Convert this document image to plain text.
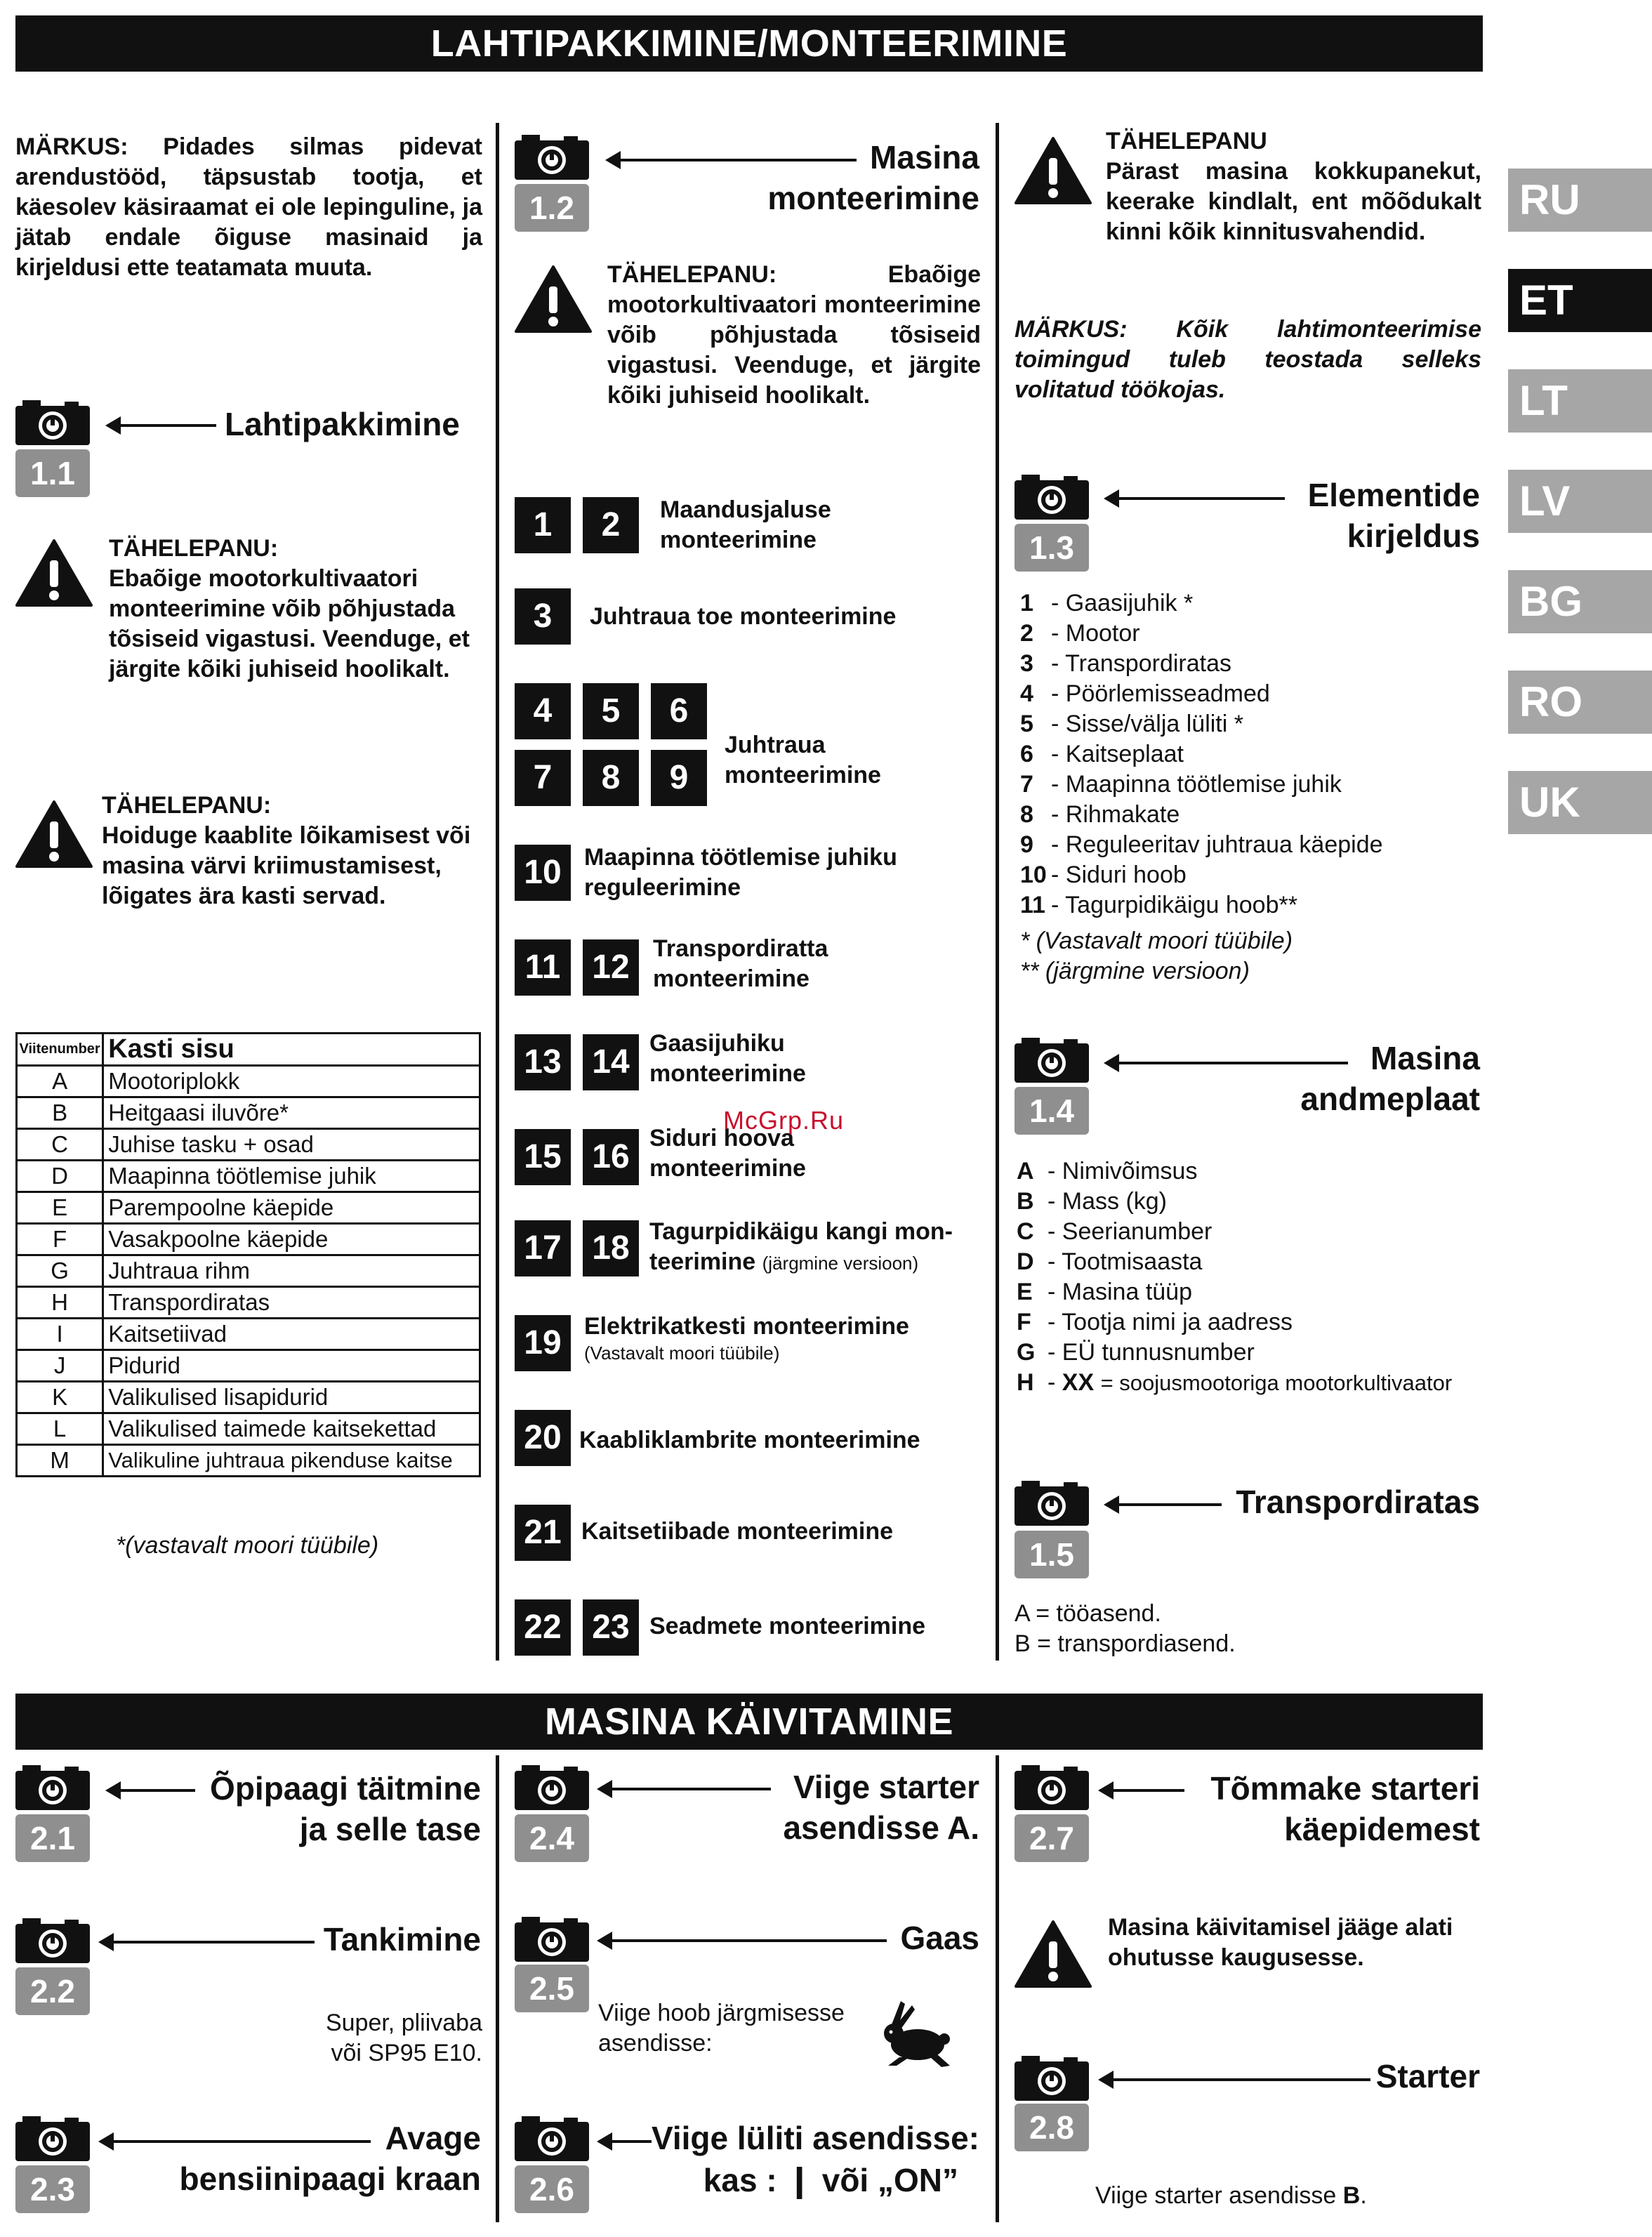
LAHTIPAKKIMINE/MONTEERIMINE
RU
ET
LT
LV
BG
RO
UK
MÄRKUS: Pidades silmas pidevat arendustööd, täpsustab tootja, et käesolev käsiraamat ei ole lepinguline, ja jätab endale õiguse masinaid ja kirjeldusi ette teatamata muuta.
Lahtipakkimine
1.1
TÄHELEPANU:
Ebaõige mootorkultivaatori monteerimine võib põhjustada tõsiseid vigastusi. Veenduge, et järgite kõiki juhiseid hoolikalt.
TÄHELEPANU:
Hoiduge kaablite lõikamisest või masina värvi kriimustamisest, lõigates ära kasti servad.
Viitenumber	Kasti sisu
A	Mootoriplokk
B	Heitgaasi iluvõre*
C	Juhise tasku + osad
D	Maapinna töötlemise juhik
E	Parempoolne käepide
F	Vasakpoolne käepide
G	Juhtraua rihm
H	Transpordiratas
I	Kaitsetiivad
J	Pidurid
K	Valikulised lisapidurid
L	Valikulised taimede kaitsekettad
M	Valikuline juhtraua pikenduse kaitse
*(vastavalt moori tüübile)
Masina
monteerimine
1.2
TÄHELEPANU:	Ebaõige mootorkultivaatori monteerimine võib põhjustada tõsiseid vigastusi. Veenduge, et järgite kõiki juhiseid hoolikalt.
1	2	Maandusjaluse
monteerimine
3	Juhtraua toe monteerimine
4	5	6
7	8	9
Juhtraua
monteerimine
10 Maapinna töötlemise juhiku
reguleerimine
11 12 Transpordiratta
monteerimine
13 14 Gaasijuhiku
monteerimine
15 16 Siduri hoova
monteerimine
17 18 Tagurpidikäigu kangi mon-
teerimine (järgmine versioon)
19 Elektrikatkesti monteerimine
(Vastavalt moori tüübile)
20 Kaabliklambrite monteerimine
21 Kaitsetiibade monteerimine
22 23 Seadmete monteerimine
TÄHELEPANU
Pärast masina kokkupanekut, keerake kindlalt, ent mõõdukalt kinni kõik kinnitusvahendid.
MÄRKUS: Kõik lahtimonteerimise toimingud tuleb teostada selleks volitatud töökojas.
Elementide
kirjeldus
1.3
1 - Gaasijuhik *
2 - Mootor
3 - Transpordiratas
4 - Pöörlemisseadmed
5 - Sisse/välja lüliti *
6 - Kaitseplaat
7 - Maapinna töötlemise juhik
8 - Rihmakate
9 - Reguleeritav juhtraua käepide
10 - Siduri hoob
11 - Tagurpidikäigu hoob**
* (Vastavalt moori tüübile)
** (järgmine versioon)
Masina
andmeplaat
1.4
A - Nimivõimsus
B - Mass (kg)
C - Seerianumber
D - Tootmisaasta
E - Masina tüüp
F - Tootja nimi ja aadress
G - EÜ tunnusnumber
H - XX = soojusmootoriga mootorkultivaator
Transpordiratas
1.5
A = tööasend.
B = transpordiasend.
McGrp.Ru
MASINA KÄIVITAMINE
Õpipaagi täitmine
ja selle tase
2.1
Tankimine
2.2
Super, pliivaba
või SP95 E10.
Avage
bensiinipaagi kraan
2.3
Viige starter
asendisse A.
2.4
Gaas
2.5
Viige hoob järgmisesse
asendisse:
Viige lüliti asendisse:
kas : ❙ või „ON”
2.6
Tõmmake starteri
käepidemest
2.7
Masina käivitamisel jääge alati ohutusse kaugusesse.
Starter
2.8
Viige starter asendisse B.
